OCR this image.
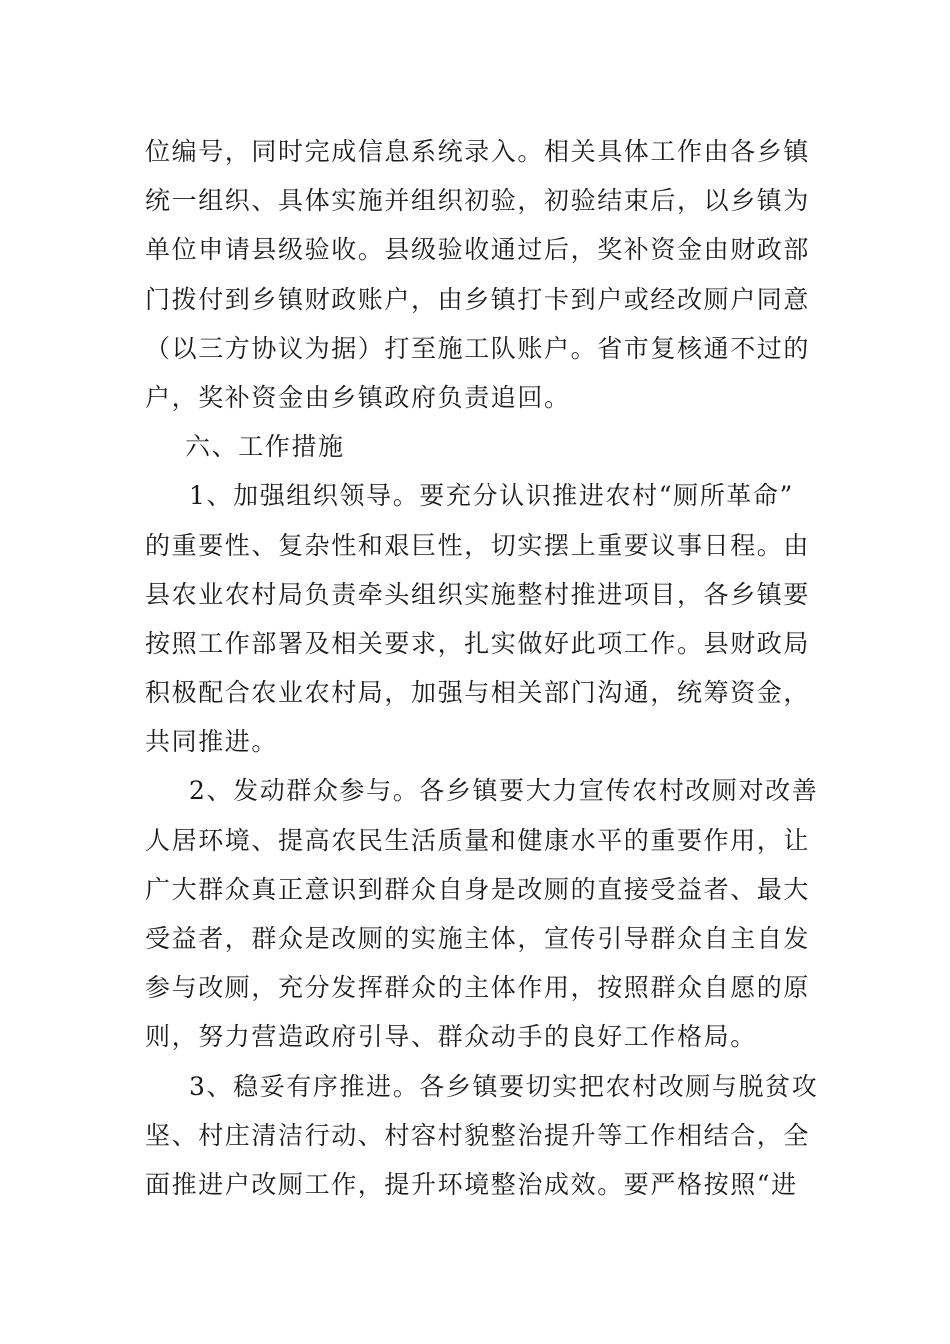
位编号，同时完成信息系统录入。相关具体工作由各乡镇
统一组织、具体实施并组织初验，初验结束后，以乡镇为
单位申请县级验收。县级验收通过后，奖补资金由财政部
门拨付到乡镇财政账户，由乡镇打卡到户或经改厕户同意
（以三方协议为据）打至施工队账户。省市复核通不过的
户，奖补资金由乡镇政府负责追回。
六、工作措施
1、加强组织领导。要充分认识推进农村“厕所革命”
的重要性、复杂性和艰巨性，切实摆上重要议事日程。由
县农业农村局负责牵头组织实施整村推进项目，各乡镇要
按照工作部署及相关要求，扎实做好此项工作。县财政局
积极配合农业农村局，加强与相关部门沟通，统筹资金，
共同推进。
2、发动群众参与。各乡镇要大力宣传农村改厕对改善
人居环境、提高农民生活质量和健康水平的重要作用，让
广大群众真正意识到群众自身是改厕的直接受益者、最大
受益者，群众是改厕的实施主体，宣传引导群众自主自发
参与改厕，充分发挥群众的主体作用，按照群众自愿的原
则，努力营造政府引导、群众动手的良好工作格局。
3、稳妥有序推进。各乡镇要切实把农村改厕与脱贫攻
坚、村庄清洁行动、村容村貌整治提升等工作相结合，全
面推进户改厕工作，提升环境整治成效。要严格按照“进
